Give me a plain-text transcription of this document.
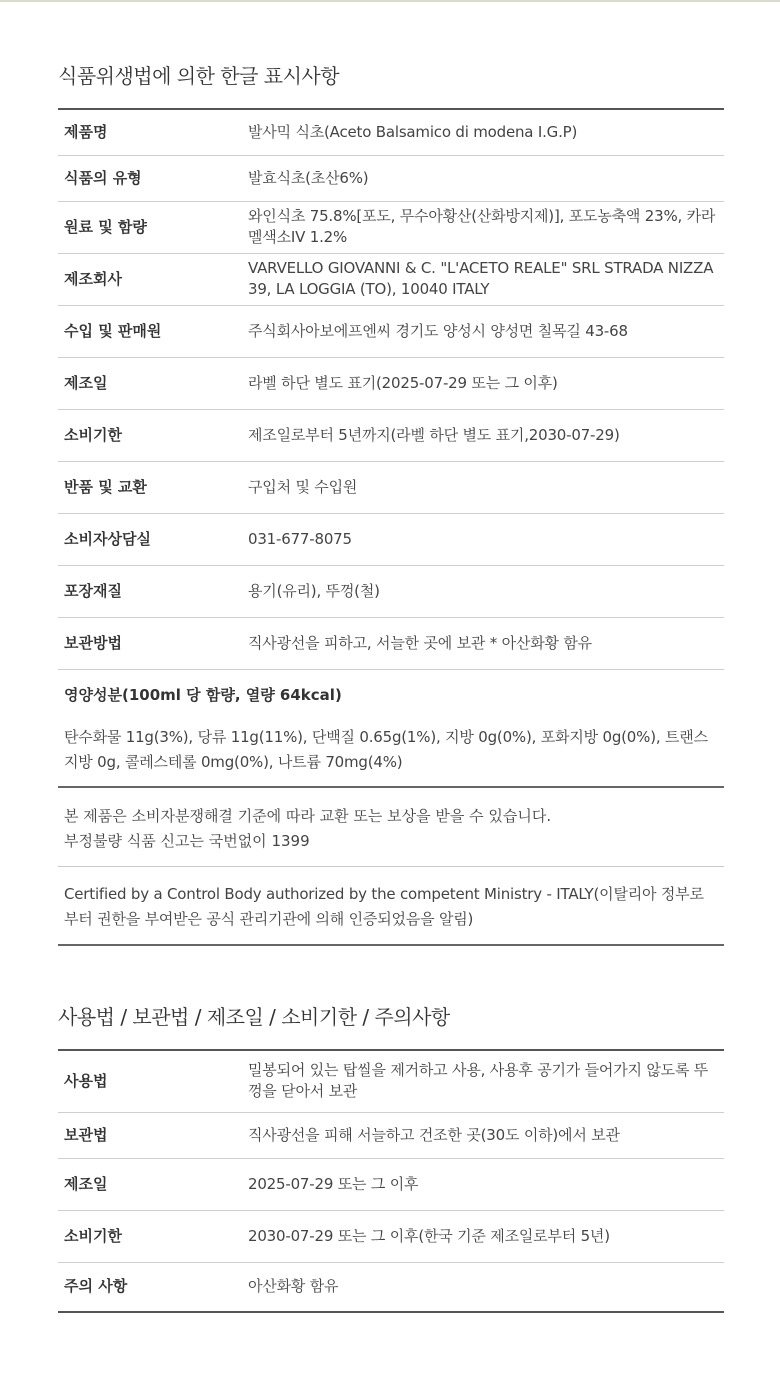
식품위생법에 의한 한글 표시사항
제품명	발사믹 식초(Aceto Balsamico di modena I.G.P)
식품의 유형	발효식초(초산6%)
원료 및 함량	와인식초 75.8%[포도, 무수아황산(산화방지제)], 포도농축액 23%, 카라멜색소IV 1.2%
제조회사	VARVELLO GIOVANNI & C. "L'ACETO REALE" SRL STRADA NIZZA 39, LA LOGGIA (TO), 10040 ITALY
수입 및 판매원	주식회사아보에프엔씨 경기도 양성시 양성면 칠목길 43-68
제조일	라벨 하단 별도 표기(2025-07-29 또는 그 이후)
소비기한	제조일로부터 5년까지(라벨 하단 별도 표기,2030-07-29)
반품 및 교환	구입처 및 수입원
소비자상담실	031-677-8075
포장재질	용기(유리), 뚜껑(철)
보관방법	직사광선을 피하고, 서늘한 곳에 보관 * 아산화황 함유
영양성분(100ml 당 함량, 열량 64kcal)
탄수화물 11g(3%), 당류 11g(11%), 단백질 0.65g(1%), 지방 0g(0%), 포화지방 0g(0%), 트랜스지방 0g, 콜레스테롤 0mg(0%), 나트륨 70mg(4%)
본 제품은 소비자분쟁해결 기준에 따라 교환 또는 보상을 받을 수 있습니다.
부정불량 식품 신고는 국번없이 1399
Certified by a Control Body authorized by the competent Ministry - ITALY(이탈리아 정부로부터 권한을 부여받은 공식 관리기관에 의해 인증되었음을 알림)
사용법 / 보관법 / 제조일 / 소비기한 / 주의사항
사용법	밀봉되어 있는 탑씰을 제거하고 사용, 사용후 공기가 들어가지 않도록 뚜껑을 닫아서 보관
보관법	직사광선을 피해 서늘하고 건조한 곳(30도 이하)에서 보관
제조일	2025-07-29 또는 그 이후
소비기한	2030-07-29 또는 그 이후(한국 기준 제조일로부터 5년)
주의 사항	아산화황 함유
